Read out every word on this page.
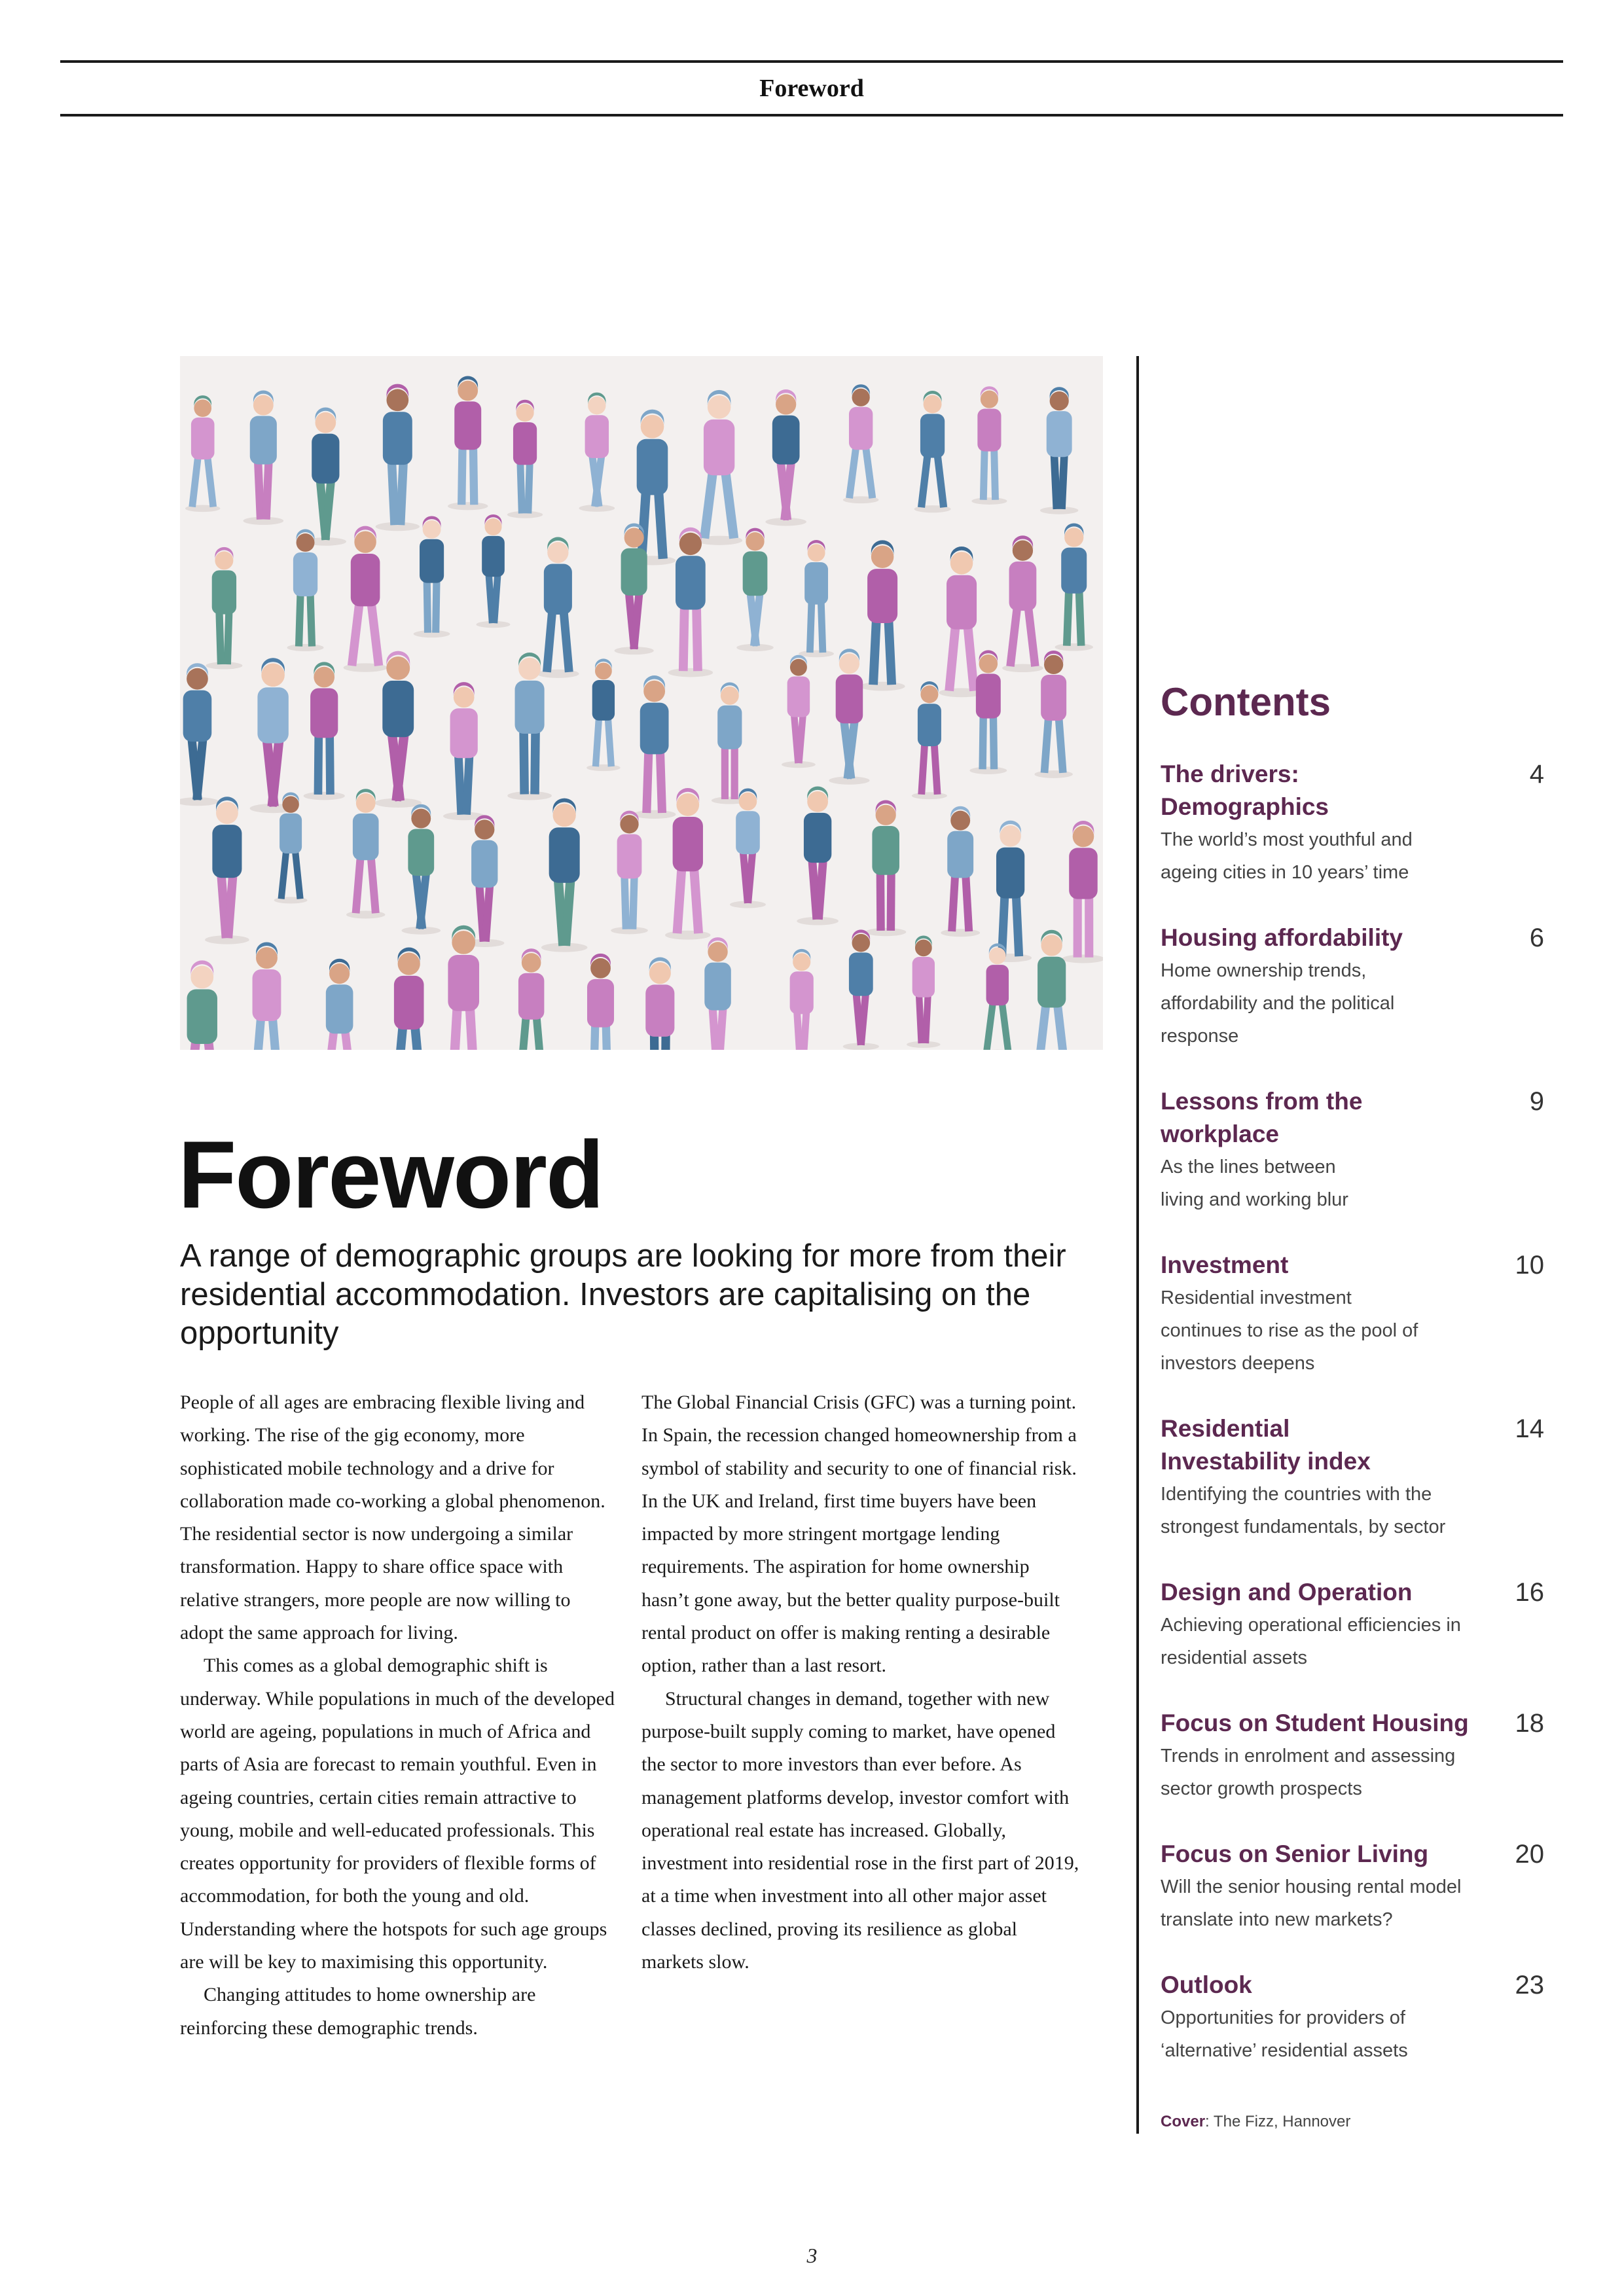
Foreword
Foreword
A range of demographic groups are looking for more from their residential accommodation. Investors are capitalising on the opportunity

People of all ages are embracing flexible living and working. The rise of the gig economy, more sophisticated mobile technology and a drive for collaboration made co-working a global phenomenon. The residential sector is now undergoing a similar transformation. Happy to share office space with relative strangers, more people are now willing to adopt the same approach for living.

This comes as a global demographic shift is underway. While populations in much of the developed world are ageing, populations in much of Africa and parts of Asia are forecast to remain youthful. Even in ageing countries, certain cities remain attractive to young, mobile and well-educated professionals. This creates opportunity for providers of flexible forms of accommodation, for both the young and old. Understanding where the hotspots for such age groups are will be key to maximising this opportunity.

Changing attitudes to home ownership are reinforcing these demographic trends.

The Global Financial Crisis (GFC) was a turning point. In Spain, the recession changed homeownership from a symbol of stability and security to one of financial risk. In the UK and Ireland, first time buyers have been impacted by more stringent mortgage lending requirements. The aspiration for home ownership hasn’t gone away, but the better quality purpose-built rental product on offer is making renting a desirable option, rather than a last resort.

Structural changes in demand, together with new purpose-built supply coming to market, have opened the sector to more investors than ever before. As management platforms develop, investor comfort with operational real estate has increased. Globally, investment into residential rose in the first part of 2019, at a time when investment into all other major asset classes declined, proving its resilience as global markets slow.

Contents
The drivers: Demographics
The world’s most youthful and ageing cities in 10 years’ time
4
Housing affordability
Home ownership trends, affordability and the political response
6
Lessons from the workplace
As the lines between living and working blur
9
Investment
Residential investment continues to rise as the pool of investors deepens
10
Residential Investability index
Identifying the countries with the strongest fundamentals, by sector
14
Design and Operation
Achieving operational efficiencies in residential assets
16
Focus on Student Housing
Trends in enrolment and assessing sector growth prospects
18
Focus on Senior Living
Will the senior housing rental model translate into new markets?
20
Outlook
Opportunities for providers of ‘alternative’ residential assets
23
Cover: The Fizz, Hannover
3
